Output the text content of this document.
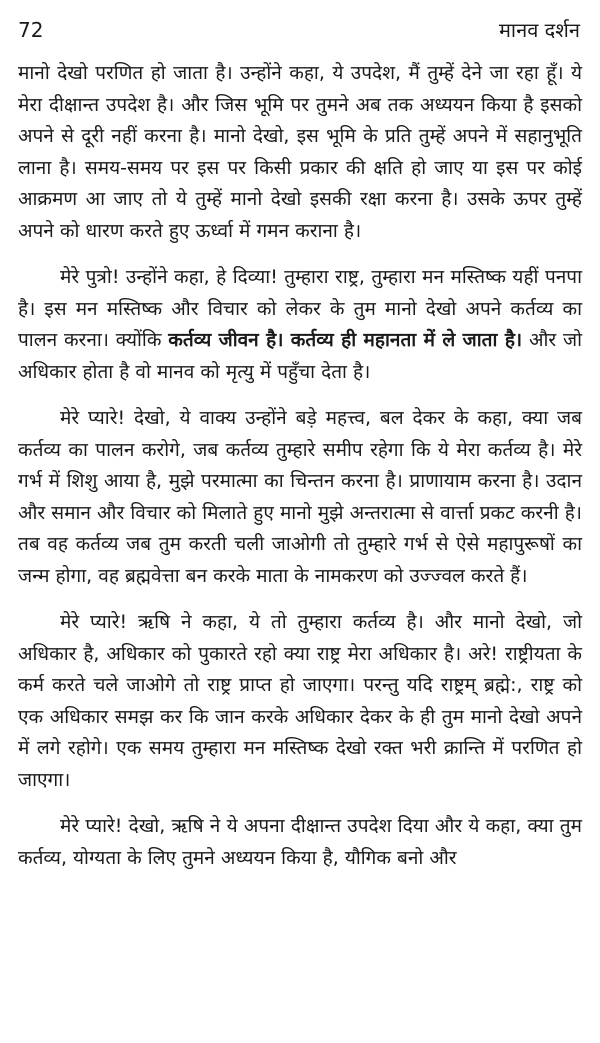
72	मानव दर्शन

मानो देखो परणित हो जाता है। उन्होंने कहा, ये उपदेश, मैं तुम्हें देने जा रहा हूँ। ये मेरा दीक्षान्त उपदेश है। और जिस भूमि पर तुमने अब तक अध्ययन किया है इसको अपने से दूरी नहीं करना है। मानो देखो, इस भूमि के प्रति तुम्हें अपने में सहानुभूति लाना है। समय-समय पर इस पर किसी प्रकार की क्षति हो जाए या इस पर कोई आक्रमण आ जाए तो ये तुम्हें मानो देखो इसकी रक्षा करना है। उसके ऊपर तुम्हें अपने को धारण करते हुए ऊर्ध्वा में गमन कराना है।

मेरे पुत्रो! उन्होंने कहा, हे दिव्या! तुम्हारा राष्ट्र, तुम्हारा मन मस्तिष्क यहीं पनपा है। इस मन मस्तिष्क और विचार को लेकर के तुम मानो देखो अपने कर्तव्य का पालन करना। क्योंकि कर्तव्य जीवन है। कर्तव्य ही महानता में ले जाता है। और जो अधिकार होता है वो मानव को मृत्यु में पहुँचा देता है।

मेरे प्यारे! देखो, ये वाक्य उन्होंने बड़े महत्त्व, बल देकर के कहा, क्या जब कर्तव्य का पालन करोगे, जब कर्तव्य तुम्हारे समीप रहेगा कि ये मेरा कर्तव्य है। मेरे गर्भ में शिशु आया है, मुझे परमात्मा का चिन्तन करना है। प्राणायाम करना है। उदान और समान और विचार को मिलाते हुए मानो मुझे अन्तरात्मा से वार्त्ता प्रकट करनी है। तब वह कर्तव्य जब तुम करती चली जाओगी तो तुम्हारे गर्भ से ऐसे महापुरूषों का जन्म होगा, वह ब्रह्मवेत्ता बन करके माता के नामकरण को उज्ज्वल करते हैं।

मेरे प्यारे! ऋषि ने कहा, ये तो तुम्हारा कर्तव्य है। और मानो देखो, जो अधिकार है, अधिकार को पुकारते रहो क्या राष्ट्र मेरा अधिकार है। अरे! राष्ट्रीयता के कर्म करते चले जाओगे तो राष्ट्र प्राप्त हो जाएगा। परन्तु यदि राष्ट्रम् ब्रह्मे:, राष्ट्र को एक अधिकार समझ कर कि जान करके अधिकार देकर के ही तुम मानो देखो अपने में लगे रहोगे। एक समय तुम्हारा मन मस्तिष्क देखो रक्त भरी क्रान्ति में परणित हो जाएगा।

मेरे प्यारे! देखो, ऋषि ने ये अपना दीक्षान्त उपदेश दिया और ये कहा, क्या तुम कर्तव्य, योग्यता के लिए तुमने अध्ययन किया है, यौगिक बनो और
